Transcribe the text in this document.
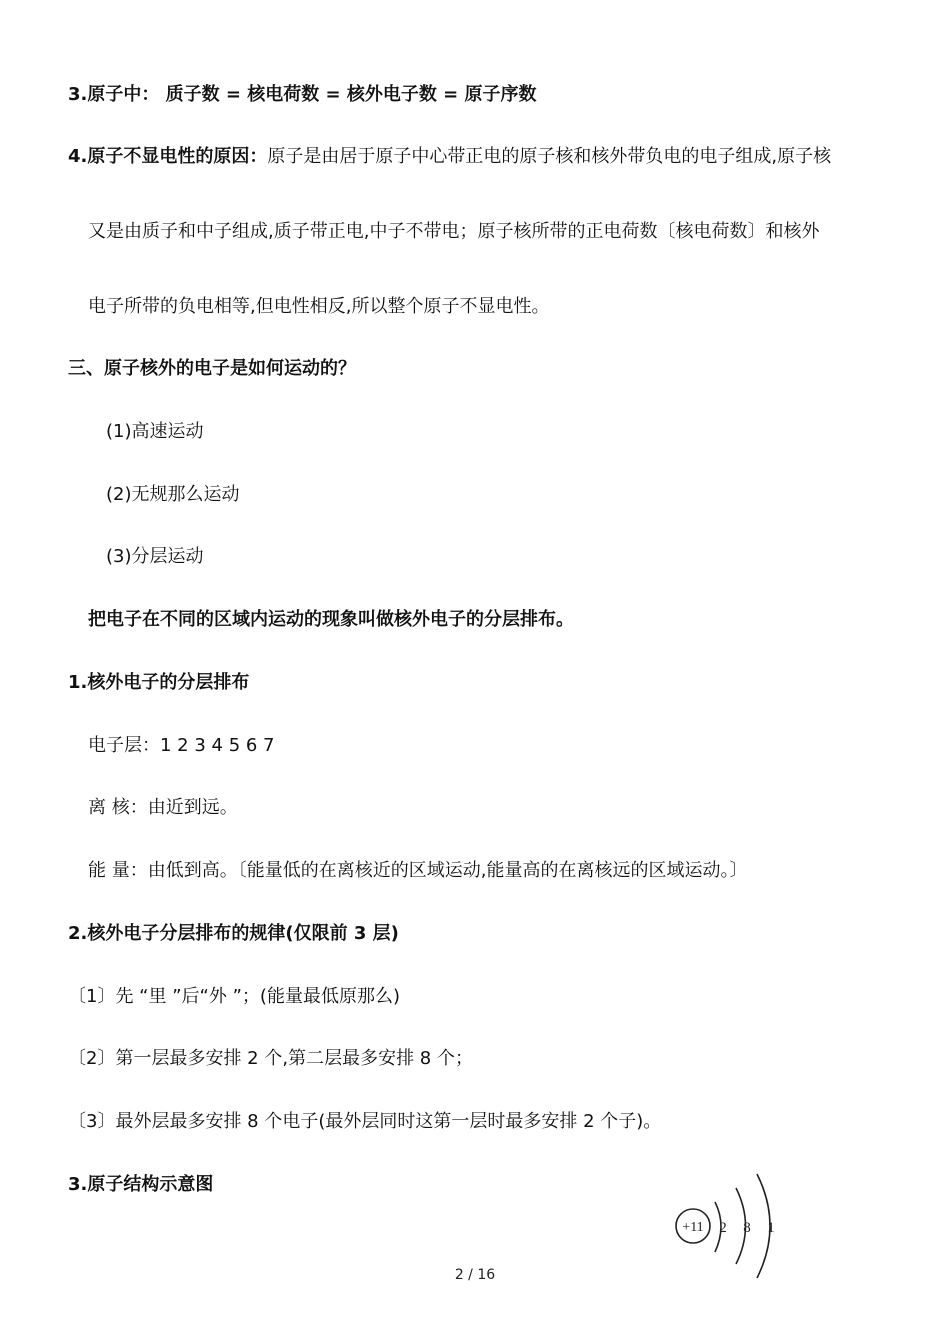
3.原子中： 质子数 = 核电荷数 = 核外电子数 = 原子序数
4.原子不显电性的原因：原子是由居于原子中心带正电的原子核和核外带负电的电子组成,原子核
又是由质子和中子组成,质子带正电,中子不带电；原子核所带的正电荷数〔核电荷数〕和核外
电子所带的负电相等,但电性相反,所以整个原子不显电性。
三、原子核外的电子是如何运动的？
(1)高速运动
(2)无规那么运动
(3)分层运动
把电子在不同的区域内运动的现象叫做核外电子的分层排布。
1.核外电子的分层排布
电子层：1 2 3 4 5 6 7
离 核：由近到远。
能 量：由低到高。〔能量低的在离核近的区域运动,能量高的在离核远的区域运动。〕
2.核外电子分层排布的规律(仅限前 3 层)
〔1〕先 “里 ”后“外 ”；(能量最低原那么)
〔2〕第一层最多安排 2 个,第二层最多安排 8 个；
〔3〕最外层最多安排 8 个电子(最外层同时这第一层时最多安排 2 个子)。
3.原子结构示意图
+11 2 8 1
2 / 16
